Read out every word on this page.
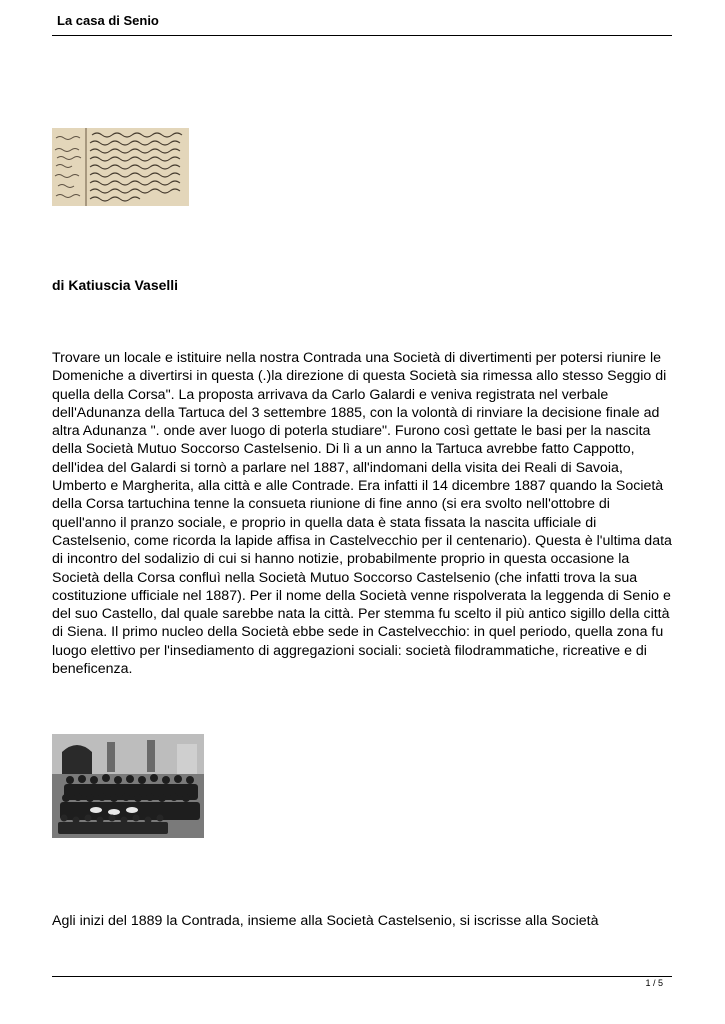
La casa di Senio
di Katiuscia Vaselli

Trovare un locale e istituire nella nostra Contrada una Società di divertimenti per potersi riunire le Domeniche a divertirsi in questa (.)la direzione di questa Società sia rimessa allo stesso Seggio di quella della Corsa". La proposta arrivava da Carlo Galardi e veniva registrata nel verbale dell'Adunanza della Tartuca del 3 settembre 1885, con la volontà di rinviare la decisione finale ad altra Adunanza ". onde aver luogo di poterla studiare". Furono così gettate le basi per la nascita della Società Mutuo Soccorso Castelsenio. Di lì a un anno la Tartuca avrebbe fatto Cappotto, dell'idea del Galardi si tornò a parlare nel 1887, all'indomani della visita dei Reali di Savoia, Umberto e Margherita, alla città e alle Contrade. Era infatti il 14 dicembre 1887 quando la Società della Corsa tartuchina tenne la consueta riunione di fine anno (si era svolto nell'ottobre di quell'anno il pranzo sociale, e proprio in quella data è stata fissata la nascita ufficiale di Castelsenio, come ricorda la lapide affisa in Castelvecchio per il centenario). Questa è l'ultima data di incontro del sodalizio di cui si hanno notizie, probabilmente proprio in questa occasione la Società della Corsa confluì nella Società Mutuo Soccorso Castelsenio (che infatti trova la sua costituzione ufficiale nel 1887). Per il nome della Società venne rispolverata la leggenda di Senio e del suo Castello, dal quale sarebbe nata la città. Per stemma fu scelto il più antico sigillo della città di Siena. Il primo nucleo della Società ebbe sede in Castelvecchio: in quel periodo, quella zona fu luogo elettivo per l'insediamento di aggregazioni sociali: società filodrammatiche, ricreative e di beneficenza.

Agli inizi del 1889 la Contrada, insieme alla Società Castelsenio, si iscrisse alla Società

1 / 5
